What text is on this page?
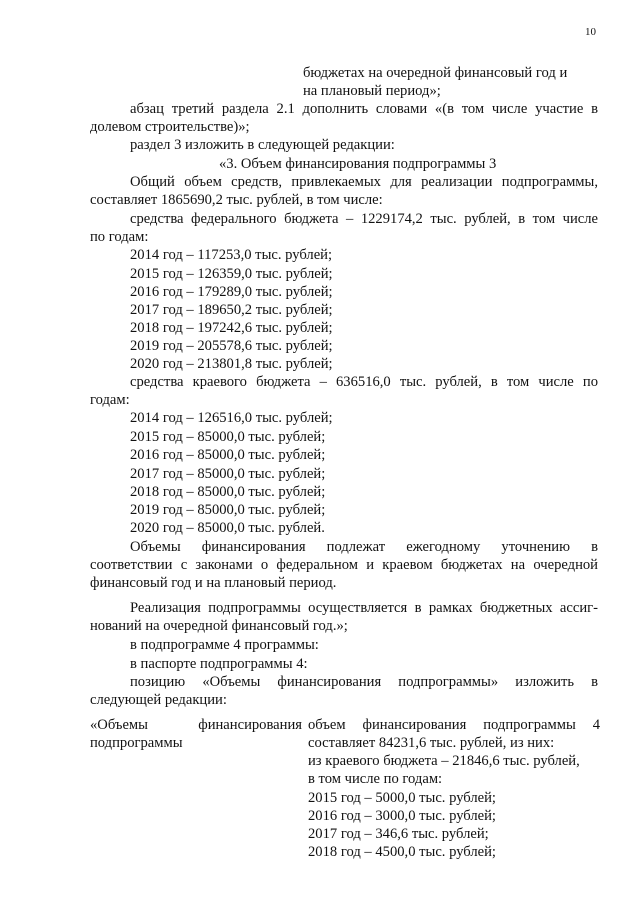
10
бюджетах на очередной финансовый год и
на плановый период»;
абзац третий раздела 2.1 дополнить словами «(в том числе участие в
долевом строительстве)»;
раздел 3 изложить в следующей редакции:
«3. Объем финансирования подпрограммы 3
Общий объем средств, привлекаемых для реализации подпрограммы,
составляет 1865690,2 тыс. рублей, в том числе:
средства федерального бюджета – 1229174,2 тыс. рублей, в том числе
по годам:
2014 год – 117253,0 тыс. рублей;
2015 год – 126359,0 тыс. рублей;
2016 год – 179289,0 тыс. рублей;
2017 год – 189650,2 тыс. рублей;
2018 год – 197242,6 тыс. рублей;
2019 год – 205578,6 тыс. рублей;
2020 год – 213801,8 тыс. рублей;
средства краевого бюджета – 636516,0 тыс. рублей, в том числе по
годам:
2014 год – 126516,0 тыс. рублей;
2015 год – 85000,0 тыс. рублей;
2016 год – 85000,0 тыс. рублей;
2017 год – 85000,0 тыс. рублей;
2018 год – 85000,0 тыс. рублей;
2019 год – 85000,0 тыс. рублей;
2020 год – 85000,0 тыс. рублей.
Объемы финансирования подлежат ежегодному уточнению в
соответствии с законами о федеральном и краевом бюджетах на очередной
финансовый год и на плановый период.
Реализация подпрограммы осуществляется в рамках бюджетных ассиг-
нований на очередной финансовый год.»;
в подпрограмме 4 программы:
в паспорте подпрограммы 4:
позицию «Объемы финансирования подпрограммы» изложить в
следующей редакции:
«Объемы финансирования
подпрограммы
объем финансирования подпрограммы 4
составляет 84231,6 тыс. рублей, из них:
из краевого бюджета – 21846,6 тыс. рублей,
в том числе по годам:
2015 год – 5000,0 тыс. рублей;
2016 год – 3000,0 тыс. рублей;
2017 год – 346,6 тыс. рублей;
2018 год – 4500,0 тыс. рублей;
